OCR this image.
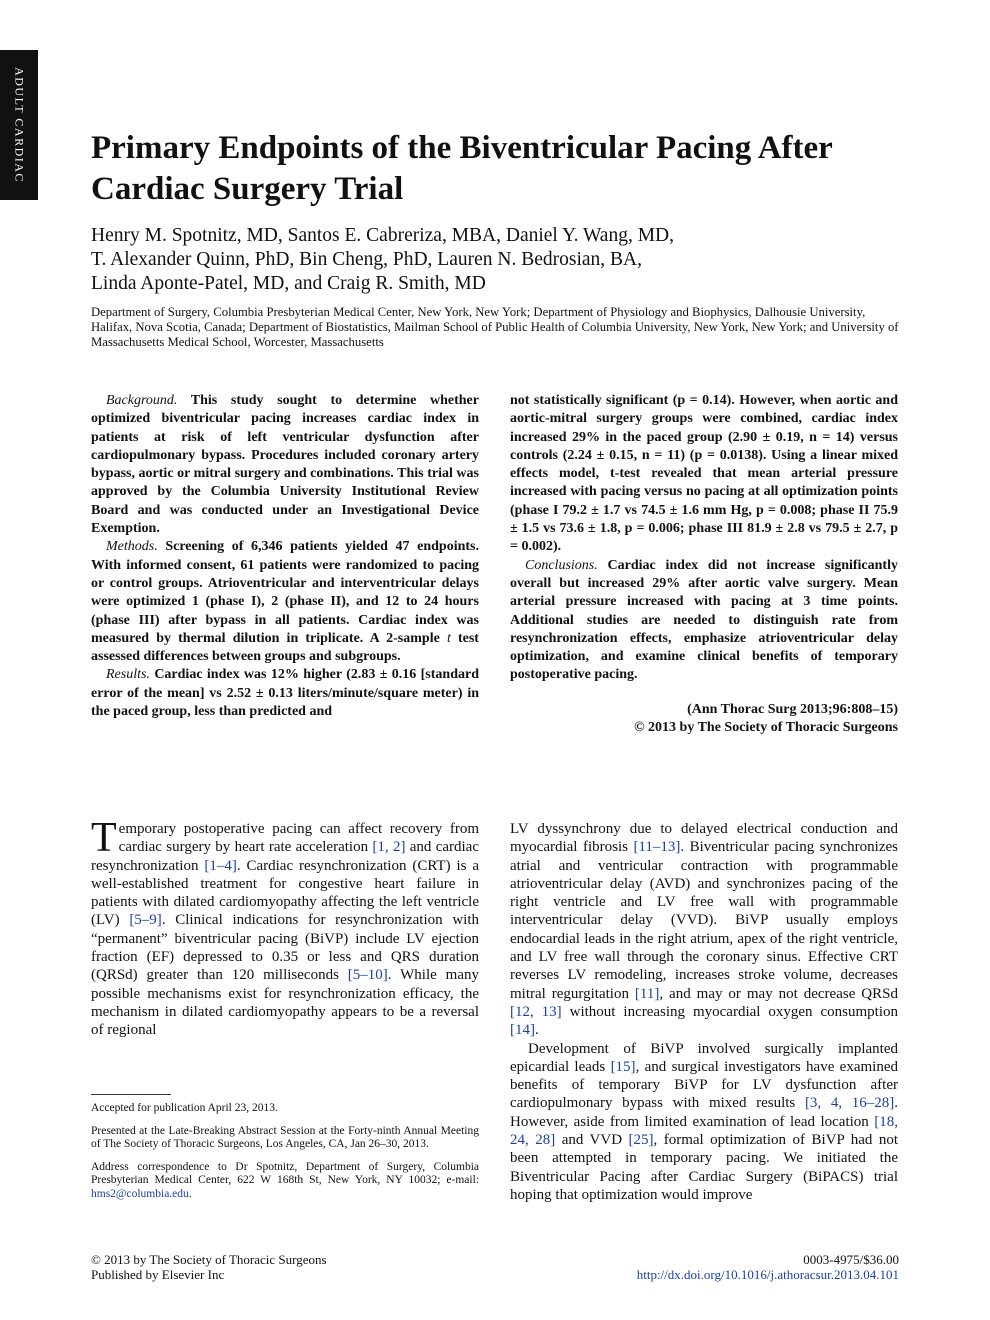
ADULT CARDIAC Primary Endpoints of the Biventricular Pacing After Cardiac Surgery Trial
Henry M. Spotnitz, MD, Santos E. Cabreriza, MBA, Daniel Y. Wang, MD,
T. Alexander Quinn, PhD, Bin Cheng, PhD, Lauren N. Bedrosian, BA,
Linda Aponte-Patel, MD, and Craig R. Smith, MD
Department of Surgery, Columbia Presbyterian Medical Center, New York, New York; Department of Physiology and Biophysics, Dalhousie University, Halifax, Nova Scotia, Canada; Department of Biostatistics, Mailman School of Public Health of Columbia University, New York, New York; and University of Massachusetts Medical School, Worcester, Massachusetts

Background. This study sought to determine whether optimized biventricular pacing increases cardiac index in patients at risk of left ventricular dysfunction after cardiopulmonary bypass. Procedures included coronary artery bypass, aortic or mitral surgery and combinations. This trial was approved by the Columbia University Institutional Review Board and was conducted under an Investigational Device Exemption.

Methods. Screening of 6,346 patients yielded 47 endpoints. With informed consent, 61 patients were randomized to pacing or control groups. Atrioventricular and interventricular delays were optimized 1 (phase I), 2 (phase II), and 12 to 24 hours (phase III) after bypass in all patients. Cardiac index was measured by thermal dilution in triplicate. A 2-sample t test assessed differences between groups and subgroups.

Results. Cardiac index was 12% higher (2.83 ± 0.16 [standard error of the mean] vs 2.52 ± 0.13 liters/minute/square meter) in the paced group, less than predicted and

not statistically significant (p = 0.14). However, when aortic and aortic-mitral surgery groups were combined, cardiac index increased 29% in the paced group (2.90 ± 0.19, n = 14) versus controls (2.24 ± 0.15, n = 11) (p = 0.0138). Using a linear mixed effects model, t-test revealed that mean arterial pressure increased with pacing versus no pacing at all optimization points (phase I 79.2 ± 1.7 vs 74.5 ± 1.6 mm Hg, p = 0.008; phase II 75.9 ± 1.5 vs 73.6 ± 1.8, p = 0.006; phase III 81.9 ± 2.8 vs 79.5 ± 2.7, p = 0.002).

Conclusions. Cardiac index did not increase significantly overall but increased 29% after aortic valve surgery. Mean arterial pressure increased with pacing at 3 time points. Additional studies are needed to distinguish rate from resynchronization effects, emphasize atrioventricular delay optimization, and examine clinical benefits of temporary postoperative pacing.

(Ann Thorac Surg 2013;96:808–15)

© 2013 by The Society of Thoracic Surgeons

Temporary postoperative pacing can affect recovery from cardiac surgery by heart rate acceleration [1, 2] and cardiac resynchronization [1–4]. Cardiac resynchronization (CRT) is a well-established treatment for congestive heart failure in patients with dilated cardiomyopathy affecting the left ventricle (LV) [5–9]. Clinical indications for resynchronization with “permanent” biventricular pacing (BiVP) include LV ejection fraction (EF) depressed to 0.35 or less and QRS duration (QRSd) greater than 120 milliseconds [5–10]. While many possible mechanisms exist for resynchronization efficacy, the mechanism in dilated cardiomyopathy appears to be a reversal of regional

LV dyssynchrony due to delayed electrical conduction and myocardial fibrosis [11–13]. Biventricular pacing synchronizes atrial and ventricular contraction with programmable atrioventricular delay (AVD) and synchronizes pacing of the right ventricle and LV free wall with programmable interventricular delay (VVD). BiVP usually employs endocardial leads in the right atrium, apex of the right ventricle, and LV free wall through the coronary sinus. Effective CRT reverses LV remodeling, increases stroke volume, decreases mitral regurgitation [11], and may or may not decrease QRSd [12, 13] without increasing myocardial oxygen consumption [14].

Development of BiVP involved surgically implanted epicardial leads [15], and surgical investigators have examined benefits of temporary BiVP for LV dysfunction after cardiopulmonary bypass with mixed results [3, 4, 16–28]. However, aside from limited examination of lead location [18, 24, 28] and VVD [25], formal optimization of BiVP had not been attempted in temporary pacing. We initiated the Biventricular Pacing after Cardiac Surgery (BiPACS) trial hoping that optimization would improve

Accepted for publication April 23, 2013.

Presented at the Late-Breaking Abstract Session at the Forty-ninth Annual Meeting of The Society of Thoracic Surgeons, Los Angeles, CA, Jan 26–30, 2013.

Address correspondence to Dr Spotnitz, Department of Surgery, Columbia Presbyterian Medical Center, 622 W 168th St, New York, NY 10032; e-mail: hms2@columbia.edu.

© 2013 by The Society of Thoracic Surgeons
Published by Elsevier Inc
0003-4975/$36.00
http://dx.doi.org/10.1016/j.athoracsur.2013.04.101
